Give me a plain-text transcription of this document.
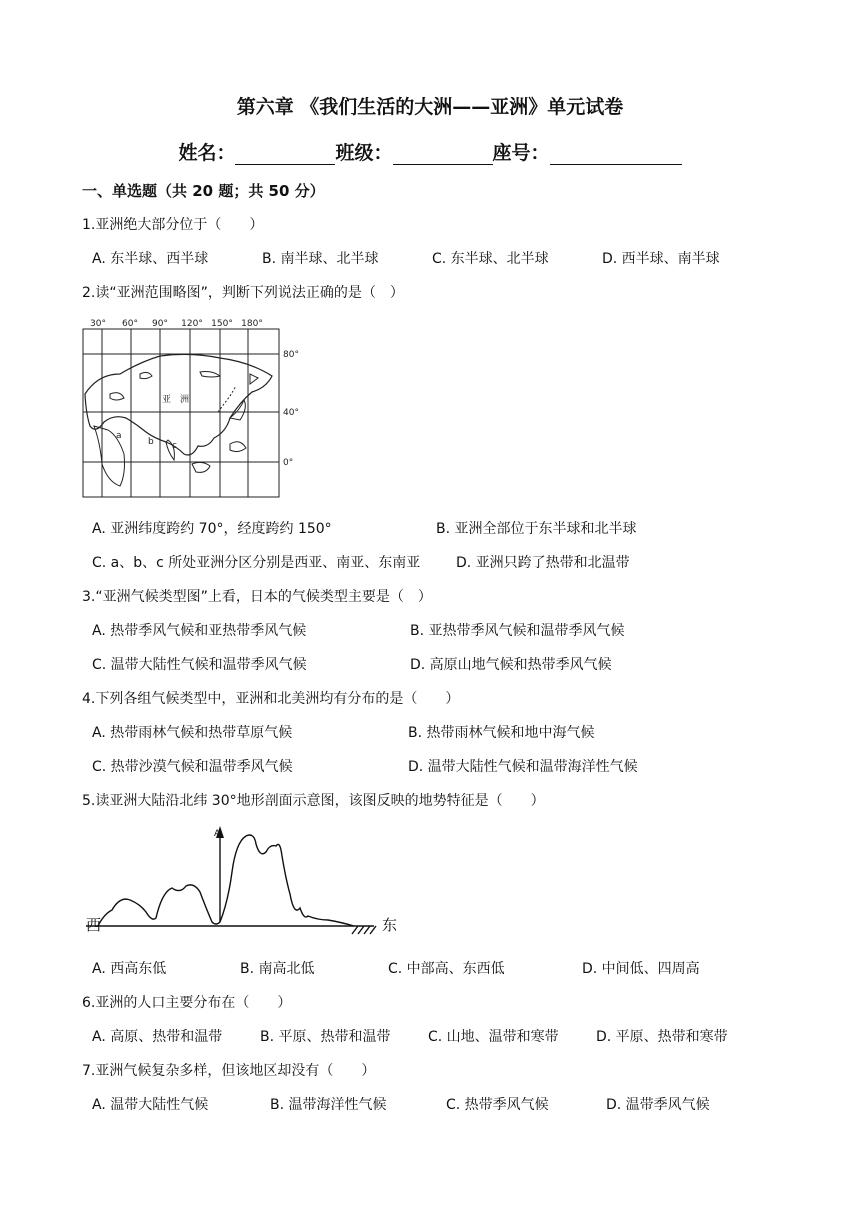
第六章 《我们生活的大洲——亚洲》单元试卷
姓名：	班级：	座号：
一、单选题（共 20 题；共 50 分）
1.亚洲绝大部分位于（　　）
A. 东半球、西半球	B. 南半球、北半球	C. 东半球、北半球	D. 西半球、南半球
2.读“亚洲范围略图”，判断下列说法正确的是（　）
30° 60° 90° 120° 150° 180°
80°
40°
0°
亚　洲
a
b c
A. 亚洲纬度跨约 70°，经度跨约 150°	B. 亚洲全部位于东半球和北半球
C. a、b、c 所处亚洲分区分别是西亚、南亚、东南亚	D. 亚洲只跨了热带和北温带
3.“亚洲气候类型图”上看，日本的气候类型主要是（　）
A. 热带季风气候和亚热带季风气候	B. 亚热带季风气候和温带季风气候
C. 温带大陆性气候和温带季风气候	D. 高原山地气候和热带季风气候
4.下列各组气候类型中，亚洲和北美洲均有分布的是（　　）
A. 热带雨林气候和热带草原气候	B. 热带雨林气候和地中海气候
C. 热带沙漠气候和温带季风气候	D. 温带大陆性气候和温带海洋性气候
5.读亚洲大陆沿北纬 30°地形剖面示意图，该图反映的地势特征是（　　）
西	东
A
A. 西高东低	B. 南高北低	C. 中部高、东西低	D. 中间低、四周高
6.亚洲的人口主要分布在（　　）
A. 高原、热带和温带	B. 平原、热带和温带	C. 山地、温带和寒带	D. 平原、热带和寒带
7.亚洲气候复杂多样，但该地区却没有（　　）
A. 温带大陆性气候	B. 温带海洋性气候	C. 热带季风气候	D. 温带季风气候
